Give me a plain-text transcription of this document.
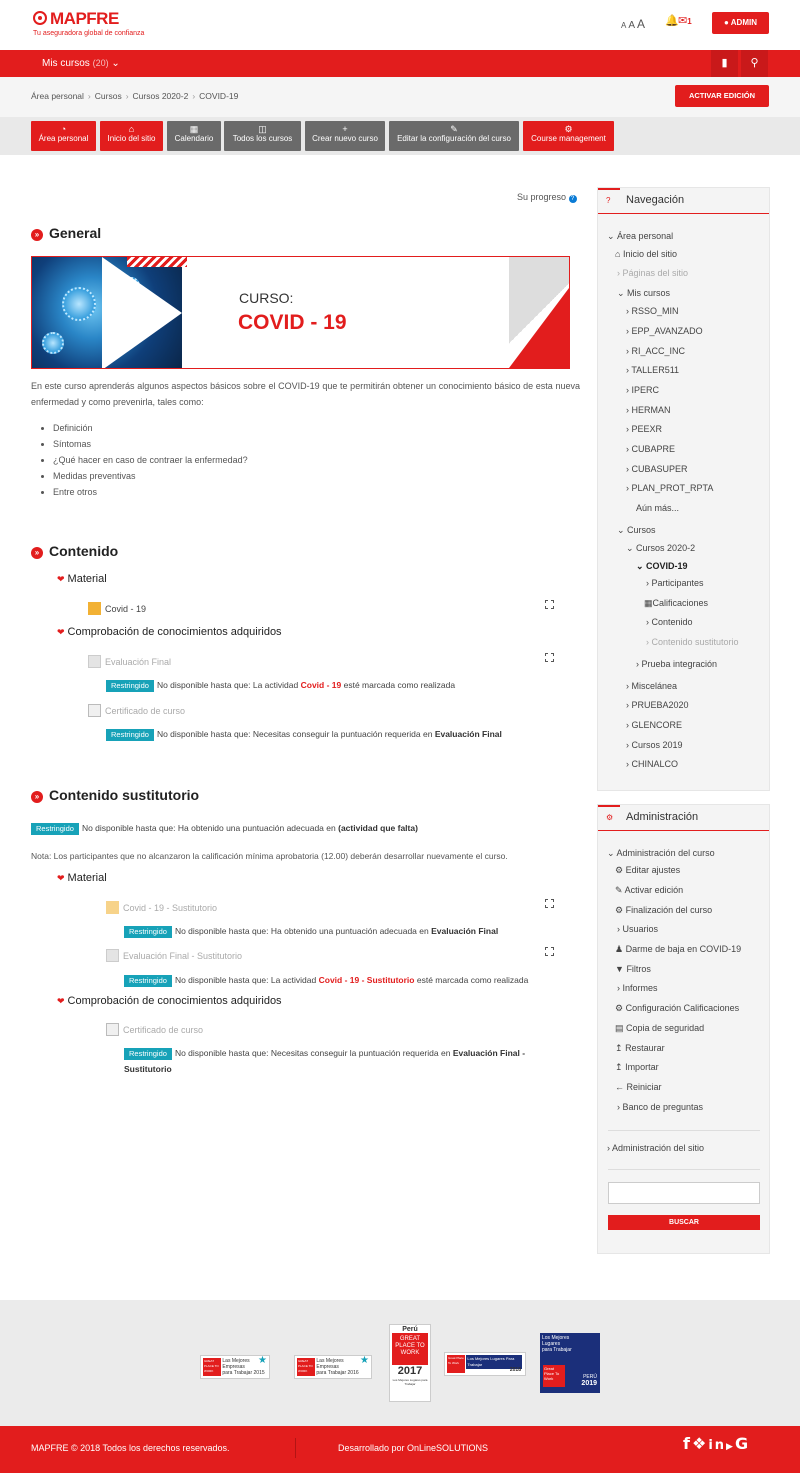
MAPFRE
Tu aseguradora global de confianza
A A A 🔔 ✉1	● ADMIN
Mis cursos (20) ⌄	▮	⚲
Área personal › Cursos › Cursos 2020-2 › COVID-19	ACTIVAR EDICIÓN
◔
Área personal
⌂
Inicio del sitio
▦
Calendario
◫
Todos los cursos
+
Crear nuevo curso
✎
Editar la configuración del curso
⚙
Course management
Su progreso ?
» General
CURSO:
COVID - 19
En este curso aprenderás algunos aspectos básicos sobre el COVID-19 que te permitirán obtener un conocimiento básico de esta nueva enfermedad y como prevenirla, tales como:
• Definición
• Síntomas
• ¿Qué hacer en caso de contraer la enfermedad?
• Medidas preventivas
• Entre otros
» Contenido
❤ Material
Covid - 19
❤ Comprobación de conocimientos adquiridos
Evaluación Final
Restringido No disponible hasta que: La actividad Covid - 19 esté marcada como realizada
Certificado de curso
Restringido No disponible hasta que: Necesitas conseguir la puntuación requerida en Evaluación Final
» Contenido sustitutorio
Restringido No disponible hasta que: Ha obtenido una puntuación adecuada en (actividad que falta)
Nota: Los participantes que no alcanzaron la calificación mínima aprobatoria (12.00) deberán desarrollar nuevamente el curso.
❤ Material
Covid - 19 - Sustitutorio
Restringido No disponible hasta que: Ha obtenido una puntuación adecuada en Evaluación Final
Evaluación Final - Sustitutorio
Restringido No disponible hasta que: La actividad Covid - 19 - Sustitutorio esté marcada como realizada
❤ Comprobación de conocimientos adquiridos
Certificado de curso
Restringido No disponible hasta que: Necesitas conseguir la puntuación requerida en Evaluación Final - Sustitutorio
? Navegación
⌄ Área personal
⌂ Inicio del sitio
› Páginas del sitio
⌄ Mis cursos
› RSSO_MIN
› EPP_AVANZADO
› RI_ACC_INC
› TALLER511
› IPERC
› HERMAN
› PEEXR
› CUBAPRE
› CUBASUPER
› PLAN_PROT_RPTA
Aún más...
⌄ Cursos
⌄ Cursos 2020-2
⌄ COVID-19
› Participantes
▦Calificaciones
› Contenido
› Contenido sustitutorio
› Prueba integración
› Miscelánea
› PRUEBA2020
› GLENCORE
› Cursos 2019
› CHINALCO
⚙ Administración
⌄ Administración del curso
⚙ Editar ajustes
✎ Activar edición
⚙ Finalización del curso
› Usuarios
♟ Darme de baja en COVID-19
▼ Filtros
› Informes
⚙ Configuración Calificaciones
▤ Copia de seguridad
↥ Restaurar
↥ Importar
← Reiniciar
› Banco de preguntas
› Administración del sitio
BUSCAR
GREAT PLACE TO WORK Las Mejores
Empresas
para Trabajar 2015
★	GREAT PLACE TO WORK Las Mejores
Empresas
para Trabajar 2016
★
Perú
GREAT PLACE TO WORK
2017
Los Mejores Lugares para Trabajar
Great Place To Work Los Mejores Lugares Para Trabajar
2018
Los Mejores
Lugares
para Trabajar
Great Place To Work	PERÚ
2019
MAPFRE © 2018 Todos los derechos reservados.	Desarrollado por OnLineSOLUTIONS	f❖in▶G
